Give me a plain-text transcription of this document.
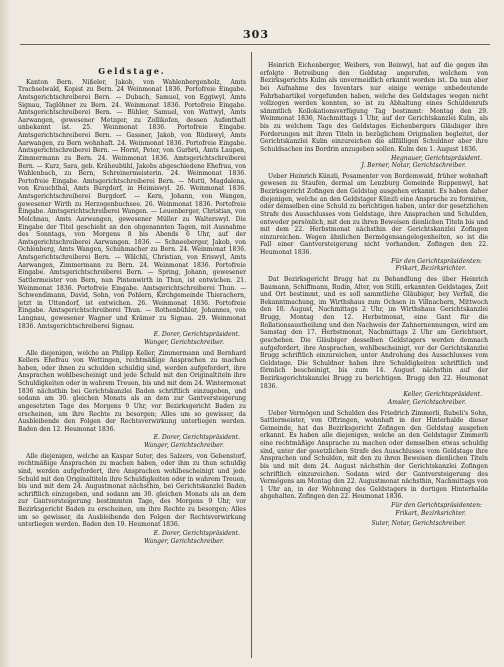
303
Geldstage.

Kanton Bern. Nißeler, Jakob, von Wahlenbergenholz, Amts Trachselwald, Kopist zu Bern. 24 Weinmonat 1836. Portofreie Eingabe. Amtsgerichtschreiberei Bern. — Dubach, Samuel, von Eggiwyl, Amts Signau, Taglöhner zu Bern. 24. Weinmonat 1836. Portofreie Eingabe. Amtsgerichtschreiberei Bern. — Bühler, Samuel, von Wattwyl, Amts Aarwangen, gewesener Metzger, zu Zollikofen, dessen Aufenthalt unbekannt ist. 25. Weinmonat 1836. Portofreie Eingabe. Amtsgerichtschreiberei Bern. — Gassner, Jakob, von Rüdiswyl, Amts Aarwangen, zu Bern wohnhaft. 24. Weinmonat 1836. Portofreie Eingabe. Amtsgerichtschreiberei Bern. — Hornt, Peter, von Gurbrü, Amts Laupen, Zimmermann zu Bern. 24. Weinmonat 1836. Amtsgerichtschreiberei Bern. — Kurz, Sara, geb. Kräheubühl, Jakobs abgeschiedene Ehefrau, von Wahlenbach, zu Bern, Schreinermeisterin. 24. Weinmonat 1836. Portofreie Eingabe. Amtsgerichtschreiberei Bern. — Mutti, Magdalena, von Krauchthal, Amts Burgdorf, in Heimiswyl. 26. Weinmonat 1836. Amtsgerichtschreiberei Burgdorf. — Kern, Johann, von Wangen, gewesener Wirth zu Herzogenbuchsee. 26. Weinmonat 1836. Portofreie Eingabe. Amtsgerichtschreiberei Wangen. — Leuenberger, Christian, von Melchnau, Amts Aarwangen, gewesener Müller zu Walterswyl. Die Eingabe der Titel geschieht an den obgenannten Tagen, mit Ausnahme des Sonntags, von Morgens 8 bis Abends 6 Uhr, auf der Amtsgerichtschreiberei Aarwangen. 1836. — Schneeberger, Jakob, von Ochlenberg, Amts Wangen, Schuhmacher zu Bern. 24. Weinmonat 1836. Amtsgerichtschreiberei Bern. — Wälchli, Christian, von Eriswyl, Amts Aarwangen, Zimmermann zu Bern. 24. Weinmonat 1836. Portofreie Eingabe. Amtsgerichtschreiberei Bern. — Spring, Johann, gewesener Sattlermeister von Bern, nun Pintenwirth in Thun, ist entwichen. 21. Weinmonat 1836. Portofreie Eingabe. Amtsgerichtschreiberei Thun. — Schwendimann, David, Sohn, von Pohlern, Kirchgemeinde Thierachern, jetzt in Uttendorf, ist entwichen. 26. Weinmonat 1836. Portofreie Eingabe. Amtsgerichtschreiberei Thun. — Rothenbühler, Johannes, von Langnau, gewesener Wagner und Krämer zu Signau. 29. Weinmonat 1836. Amtsgerichtschreiberei Signau.

E. Dorer, Gerichtspräsident.

Wanger, Gerichtschreiber.

Alle diejenigen, welche an Philipp Keller, Zimmermann und Bernhard Kellers Ehefrau von Wettingen, rechtmäßige Ansprachen zu machen haben, oder ihnen zu schulden schuldig sind, werden aufgefordert, ihre Ansprachen wohlbescheinigt und jede Schuld mit den Originaltiteln ihre Schuldigkeiten oder in wahrem Treuen, bis und mit dem 24. Wintermonat 1836 nächsthin bei Gerichtskanzlei Baden schriftlich einzugeben, und sodann am 30. gleichen Monats als an dem zur Gantversteigerung angesetzten Tage des Morgens 9 Uhr, vor Bezirksgericht Baden zu erscheinen, um ihre Rechte zu besorgen; Alles um so gewisser, da Ausbleibende den Folgen der Rechtsverwirkung unterliegen werden. Baden den 12. Heumonat 1836.

E. Dorer, Gerichtspräsident.

Wanger, Gerichtschreiber.

Alle diejenigen, welche an Kaspar Suter, des Salzers, von Gebenstorf, rechtmäßige Ansprachen zu machen haben, oder ihm zu thun schuldig sind, werden aufgefordert, ihre Ansprachen wohlbescheinigt und jede Schuld mit den Originaltiteln ihre Schuldigkeiten oder in wahrem Treuen, bis und mit dem 24. Augustmonat nächsthin, bei Gerichtskanzlei Baden schriftlich einzugeben, und sodann am 30. gleichen Monats als an dem zur Gantversteigerung bestimmten Tage, des Morgens 9 Uhr, vor Bezirksgericht Baden zu erscheinen, um ihre Rechte zu besorgen; Alles um so gewisser, da Ausbleibende den Folgen der Rechtsverwirkung unterliegen werden. Baden den 19. Heumonat 1836.

E. Dorer, Gerichtspräsident.

Wanger, Gerichtschreiber.

Heinrich Eichenberger, Weibers, von Beinwyl, hat auf die gegen ihn erfolgte Betreibung den Geldstag angerufen, welchem von Bezirksgerichts Kulm als unvermeidlich erkannt worden ist. Da nun aber bei Aufnahme des Inventars nur einige wenige unbedeutende Fahrhabartikel vorgefunden haben, welche des Geldstages wegen nicht vollzogen werden konnten, so ist zu Abhaltung eines Schuldenrufs sämmtlich Kollokationsverfügung Tag bestimmt: Montag den 29. Weinmonat 1836, Nachmittags 1 Uhr, auf der Gerichtskanzlei Kulm, als bis zu welchem Tage des Geldstages Eichenbergers Gläubiger ihre Forderungen mit ihren Titeln in bezüglichem Originalien begleitet, der Gerichtskanzlei Kulm einzureichen die allfälligen Schuldner aber ihre Schuldsachen ins Bordrin anzugeben sollen. Kulm den 1. August 1836.

Hegnauer, Gerichtspräsident.

J. Berner, Notar, Gerichtschreiber.

Ueber Heinrich Künzli, Posamenter von Bordemwald, früher wohnhaft gewesen zu Staufen, dermal am Lenzburg Gemeinde Ruppenwyl, hat Bezirksgericht Zofingen den Geldstag ausgehen erkannt. Es haben daher diejenigen, welche an den Geldstager Künzli eine Ansprache zu formiren, oder demselben eine Schuld zu berichtigen haben, unter der gesetzlichen Strafe des Ausschlusses vom Geldstage, ihre Ansprachen und Schulden, entweder persönlich, mit den zu ihren Beweisen dienlichen Titeln bis und mit dem 22. Herbstmonat nächsthin der Gerichtskanzlei Zofingen einzureichen. Wegen ähnlichen Bermögensangelegenheiten, so ist die Fall einer Gantversteigerung nicht vorhanden. Zofingen den 22. Heumonat 1836.

Für den Gerichtspräsidenten:

Frikart, Bezirksrichter.

Dat Bezirksgericht Brugg hat zu Behandlung des über Heinrich Baumann, Schiffmann, Rudin, Alter, von Stilli, erkannten Geldstages, Zeit und Ort bestimmt, und es soll sammtliche Gläubiger, bey Verfall, die Bekanntmachung, im Wirthshaus zum Ochsen in Villnachern, Mittwoch den 10. August, Nachmittags 2 Uhr, im Wirthshaus Gerichtskanzlei Brugg, Montag den 12. Herbstmonat, eine Gant für die Rollationsaustheilung und den Nachweis der Zahnernennungen, wird am Samstag den 17. Herbstmonat, Nachmittags 2 Uhr am Gerichtsort, geschehen. Die Gläubiger desselben Geldstagers werden demnach aufgefordert, ihre Ansprachen, wohlbescheinigt, vor der Gerichtskanzlei Brugg schriftlich einzureichen, unter Androhung des Ausschlusses vom Geldstage. Die Schuldner haben ihre Schuldigkeiten schriftlich und förmlich bescheinigt, bis zum 14. August nächsthin auf der Bezirksgerichtskanzlei Brugg zu berichtigen. Brugg den 22. Heumonat 1836.

Keller, Gerichtspräsident.

Amsler, Gerichtschreiber.

Ueber Vermögen und Schulden des Friedrich Zimmerli, Rubeli's Sohn, Sattlermeister, von Oftringen, wohnhaft in der Hinterhalde dieser Gemeinde, hat das Bezirksgericht Zofingen den Geldstag ausgehen erkannt. Es haben alle diejenigen, welche an den Geldstager Zimmerli eine rechtmäßige Ansprache zu machen oder demselben etwas schuldig sind, unter der gesetzlichen Strafe des Ausschlusses vom Geldstage ihre Ansprachen und Schulden, mit den zu ihren Beweisen dienlichen Titeln bis und mit dem 24. August nächsthin der Gerichtskanzlei Zofingen schriftlich einzureichen. Sodann wird der Gantversteigerung des Vermögens am Montag den 22. Augustmonat nächsthin, Nachmittags von 1 Uhr an, in der Wohnung des Geldstagers in dortigen Hinterhalde abgehalten. Zofingen den 22. Heumonat 1836.

Für den Gerichtspräsidenten:

Frikart, Bezirksrichter.

Suter, Notar, Gerichtschreiber.
